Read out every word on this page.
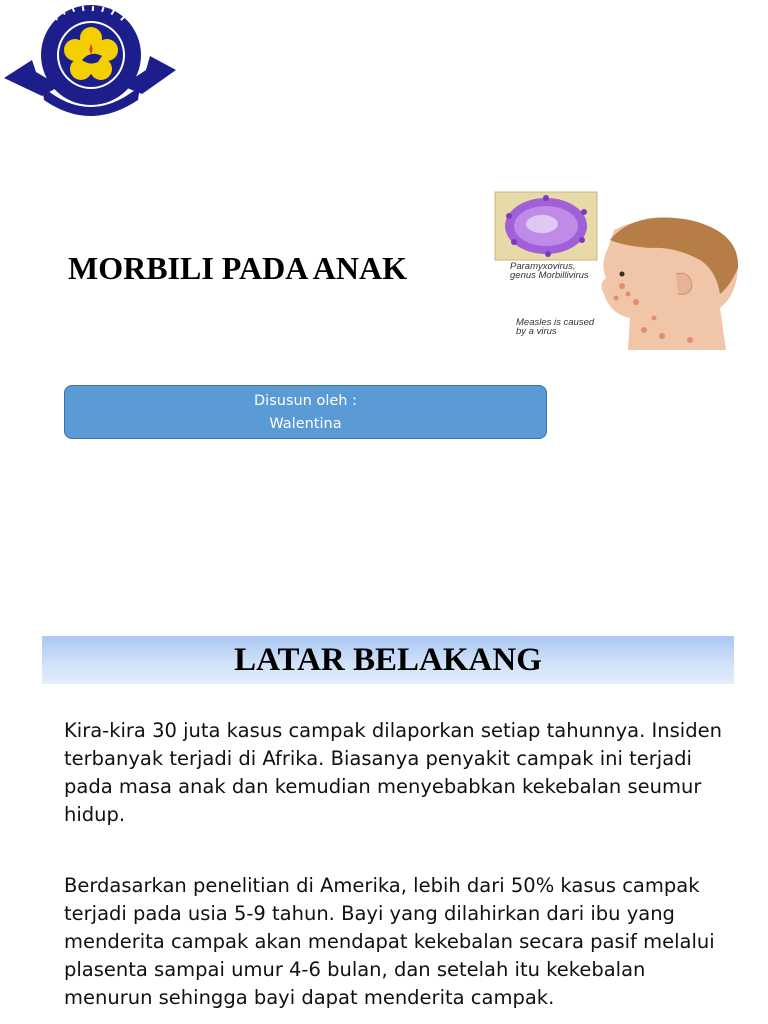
MORBILI PADA ANAK	Paramyxovirus,
genus Morbillivirus
Measles is caused
by a virus
Disusun oleh :
Walentina
LATAR BELAKANG

Kira-kira 30 juta kasus campak dilaporkan setiap tahunnya. Insiden terbanyak terjadi di Afrika. Biasanya penyakit campak ini terjadi pada masa anak dan kemudian menyebabkan kekebalan seumur hidup.

Berdasarkan penelitian di Amerika, lebih dari 50% kasus campak terjadi pada usia 5-9 tahun. Bayi yang dilahirkan dari ibu yang menderita campak akan mendapat kekebalan secara pasif melalui plasenta sampai umur 4-6 bulan, dan setelah itu kekebalan menurun sehingga bayi dapat menderita campak.
